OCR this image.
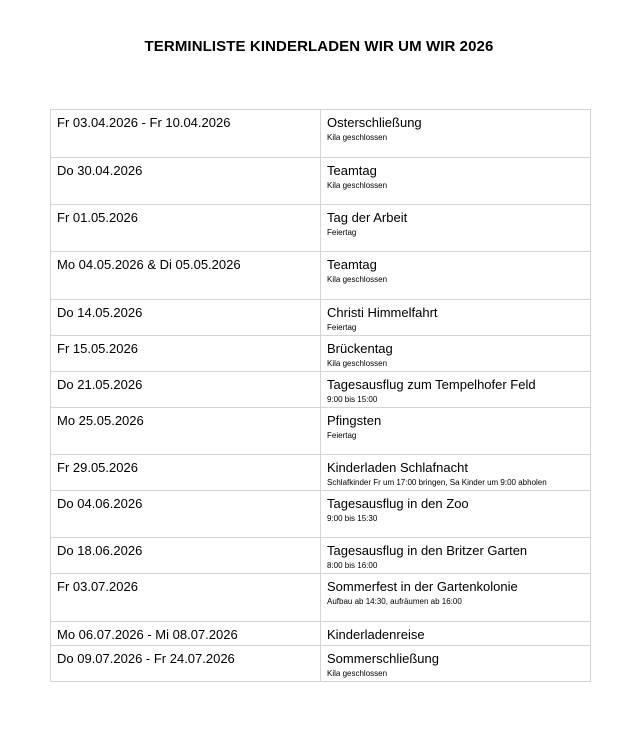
TERMINLISTE KINDERLADEN WIR UM WIR 2026
Fr 03.04.2026 - Fr 10.04.2026	Osterschließung
Kila geschlossen

Do 30.04.2026	Teamtag
Kila geschlossen

Fr 01.05.2026	Tag der Arbeit
Feiertag

Mo 04.05.2026 & Di 05.05.2026	Teamtag
Kila geschlossen

Do 14.05.2026	Christi Himmelfahrt
Feiertag

Fr 15.05.2026	Brückentag
Kila geschlossen

Do 21.05.2026	Tagesausflug zum Tempelhofer Feld
9:00 bis 15:00

Mo 25.05.2026	Pfingsten
Feiertag

Fr 29.05.2026	Kinderladen Schlafnacht
Schlafkinder Fr um 17:00 bringen, Sa Kinder um 9:00 abholen

Do 04.06.2026	Tagesausflug in den Zoo
9:00 bis 15:30

Do 18.06.2026	Tagesausflug in den Britzer Garten
8:00 bis 16:00

Fr 03.07.2026	Sommerfest in der Gartenkolonie
Aufbau ab 14:30, aufräumen ab 16:00

Mo 06.07.2026 - Mi 08.07.2026	Kinderladenreise

Do 09.07.2026 - Fr 24.07.2026	Sommerschließung
Kila geschlossen
